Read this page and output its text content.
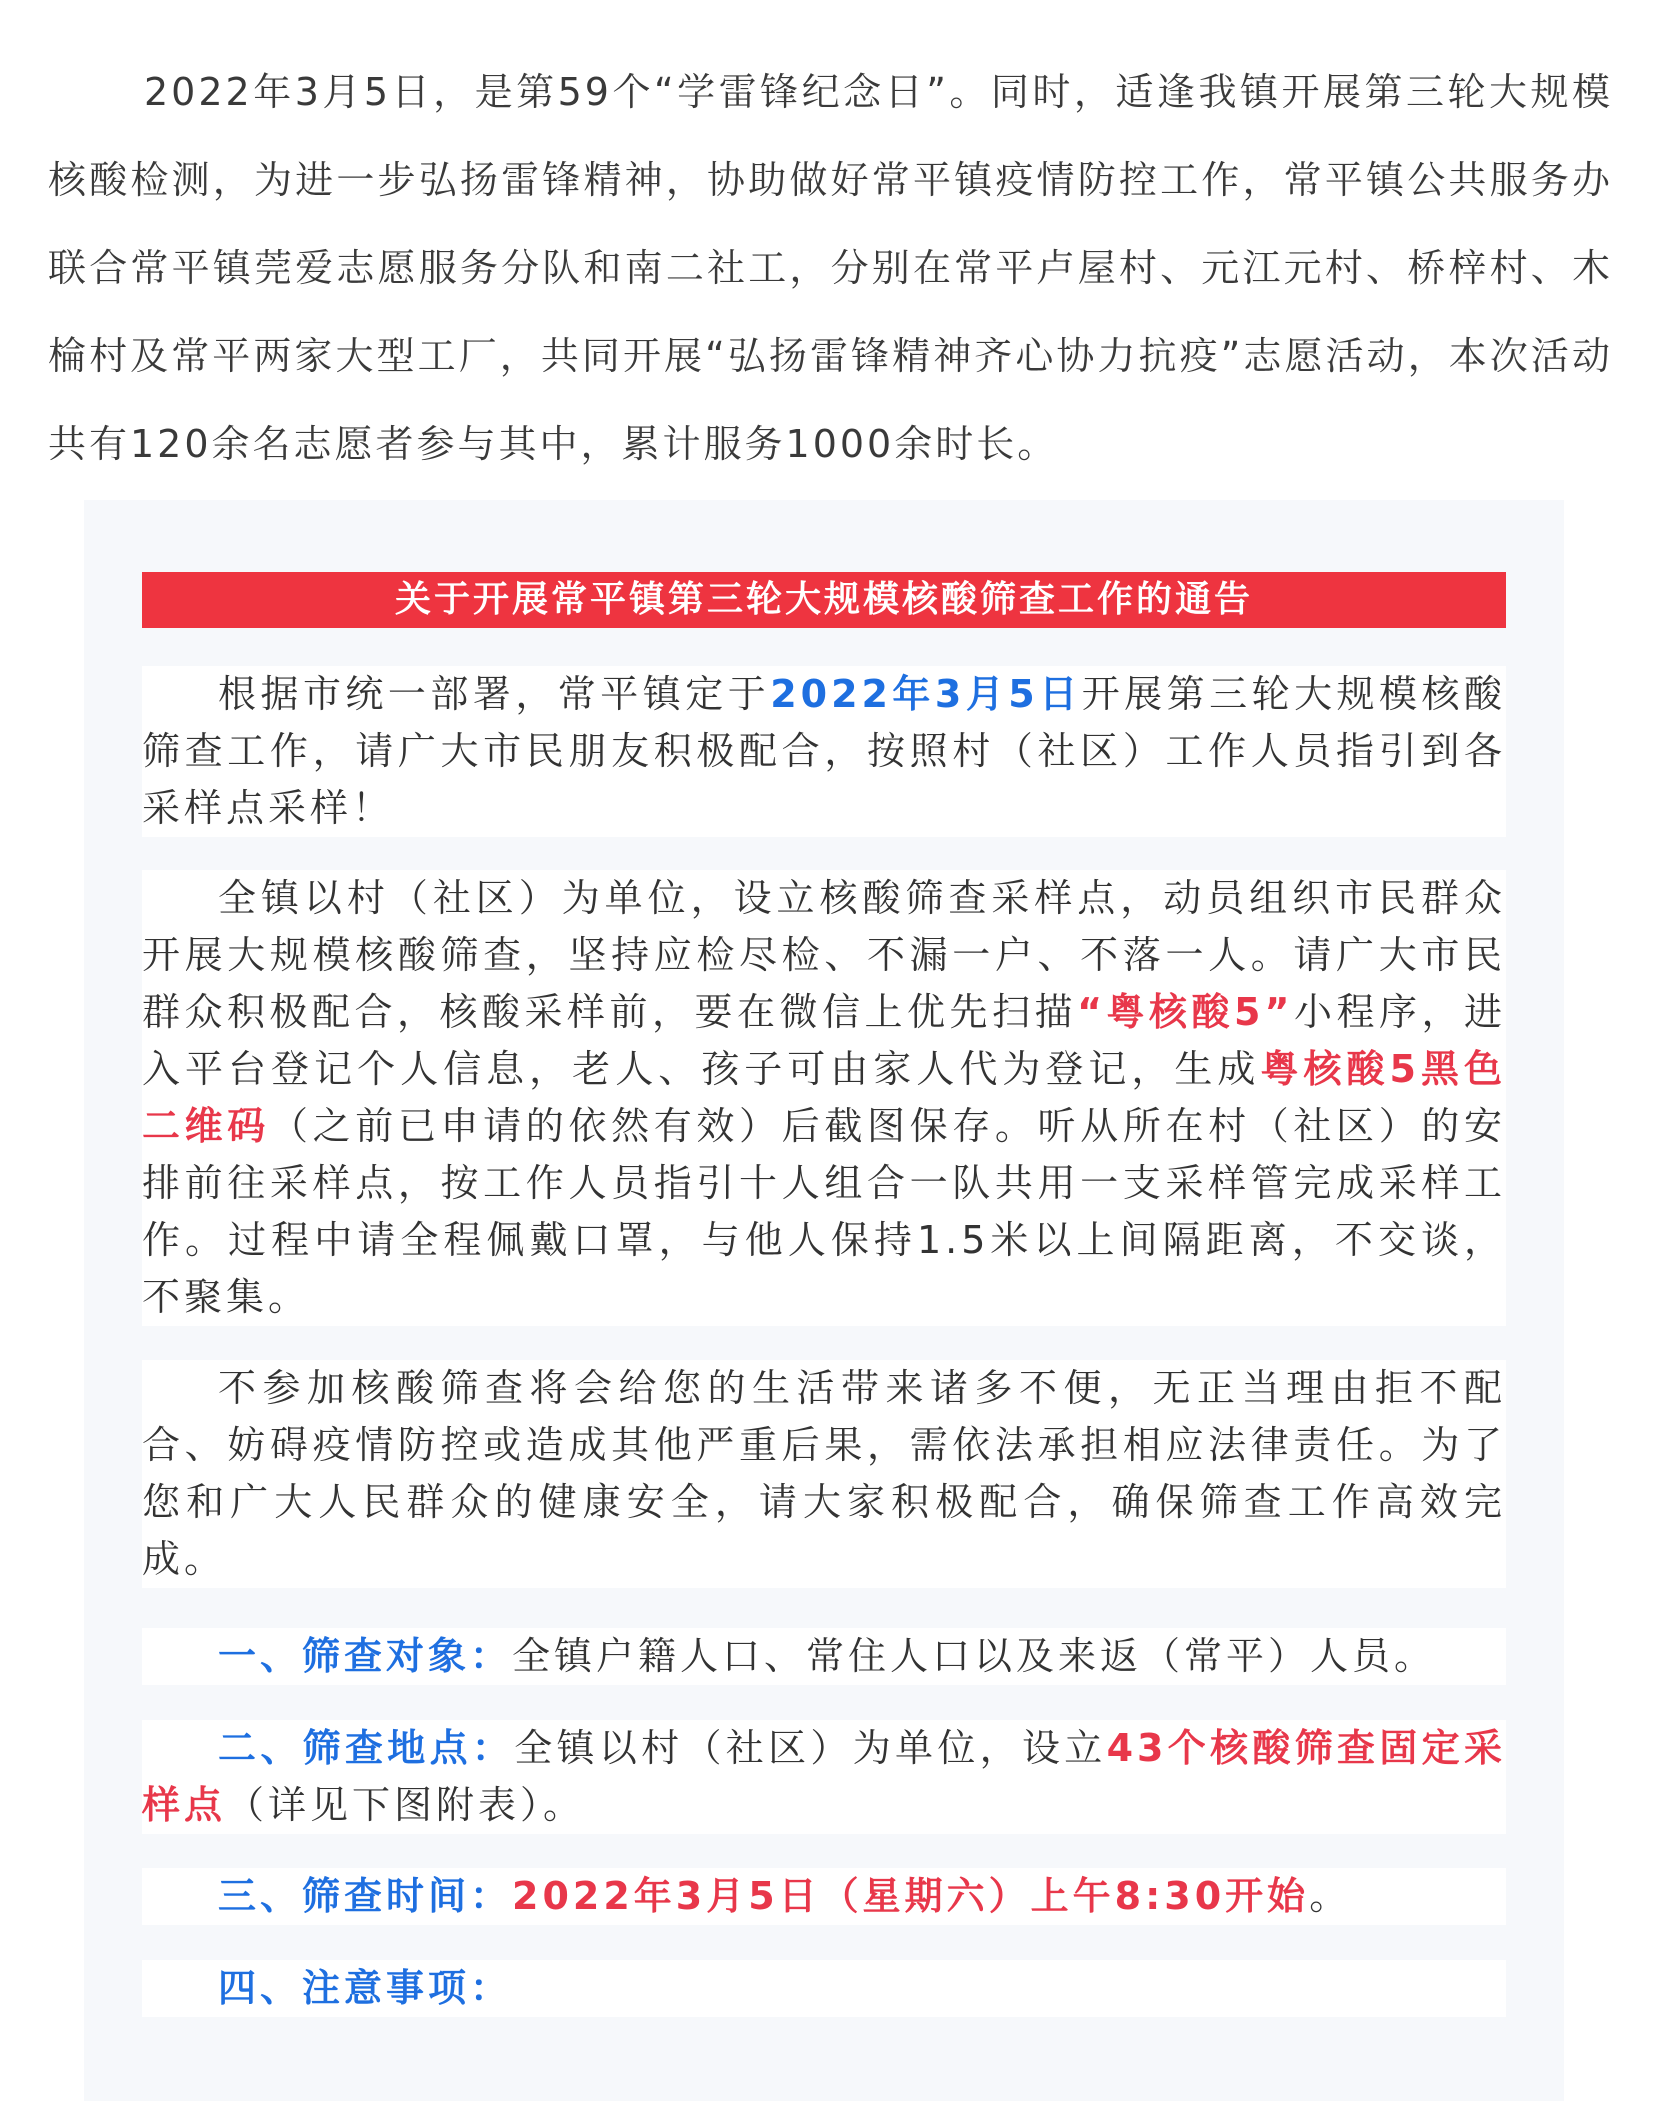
2022年3月5日，是第59个“学雷锋纪念日”。同时，适逢我镇开展第三轮大规模核酸检测，为进一步弘扬雷锋精神，协助做好常平镇疫情防控工作，常平镇公共服务办联合常平镇莞爱志愿服务分队和南二社工，分别在常平卢屋村、元江元村、桥梓村、木棆村及常平两家大型工厂，共同开展“弘扬雷锋精神齐心协力抗疫”志愿活动，本次活动共有120余名志愿者参与其中，累计服务1000余时长。

关于开展常平镇第三轮大规模核酸筛查工作的通告

根据市统一部署，常平镇定于2022年3月5日开展第三轮大规模核酸筛查工作，请广大市民朋友积极配合，按照村（社区）工作人员指引到各采样点采样！

全镇以村（社区）为单位，设立核酸筛查采样点，动员组织市民群众开展大规模核酸筛查，坚持应检尽检、不漏一户、不落一人。请广大市民群众积极配合，核酸采样前，要在微信上优先扫描“粤核酸5”小程序，进入平台登记个人信息，老人、孩子可由家人代为登记，生成粤核酸5黑色二维码（之前已申请的依然有效）后截图保存。听从所在村（社区）的安排前往采样点，按工作人员指引十人组合一队共用一支采样管完成采样工作。过程中请全程佩戴口罩，与他人保持1.5米以上间隔距离，不交谈，不聚集。

不参加核酸筛查将会给您的生活带来诸多不便，无正当理由拒不配合、妨碍疫情防控或造成其他严重后果，需依法承担相应法律责任。为了您和广大人民群众的健康安全，请大家积极配合，确保筛查工作高效完成。

一、筛查对象：全镇户籍人口、常住人口以及来返（常平）人员。

二、筛查地点：全镇以村（社区）为单位，设立43个核酸筛查固定采样点（详见下图附表）。

三、筛查时间：2022年3月5日（星期六）上午8:30开始。

四、注意事项：
